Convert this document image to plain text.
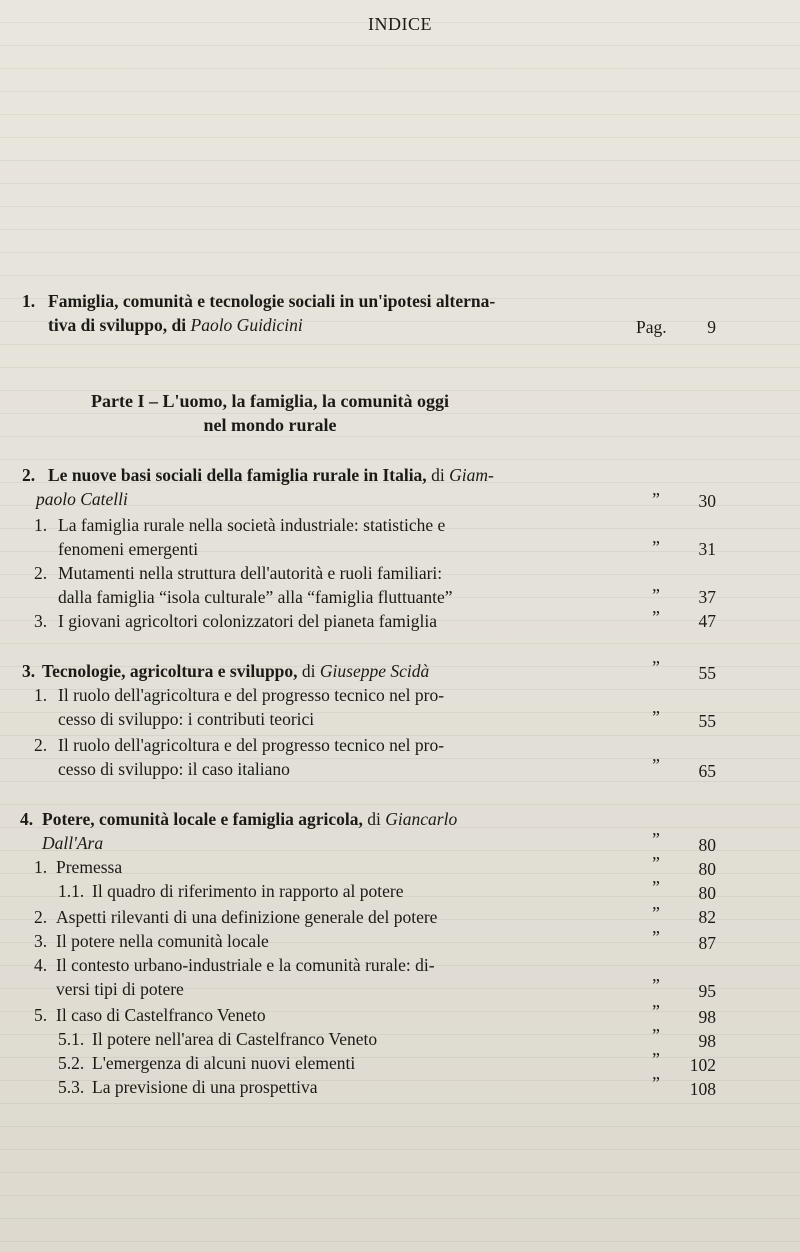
INDICE
1. Famiglia, comunità e tecnologie sociali in un'ipotesi alterna-
tiva di sviluppo, di Paolo Guidicini	Pag.	9
Parte I – L'uomo, la famiglia, la comunità oggi
nel mondo rurale
2. Le nuove basi sociali della famiglia rurale in Italia, di Giam-
paolo Catelli	”	30
1. La famiglia rurale nella società industriale: statistiche e
fenomeni emergenti	”	31
2. Mutamenti nella struttura dell'autorità e ruoli familiari:
dalla famiglia “isola culturale” alla “famiglia fluttuante”	”	37
3. I giovani agricoltori colonizzatori del pianeta famiglia	”	47
3. Tecnologie, agricoltura e sviluppo, di Giuseppe Scidà	”	55
1. Il ruolo dell'agricoltura e del progresso tecnico nel pro-
cesso di sviluppo: i contributi teorici	”	55
2. Il ruolo dell'agricoltura e del progresso tecnico nel pro-
cesso di sviluppo: il caso italiano	”	65
4. Potere, comunità locale e famiglia agricola, di Giancarlo
Dall'Ara	”	80
1. Premessa	”	80
1.1. Il quadro di riferimento in rapporto al potere	”	80
2. Aspetti rilevanti di una definizione generale del potere	”	82
3. Il potere nella comunità locale	”	87
4. Il contesto urbano-industriale e la comunità rurale: di-
versi tipi di potere	”	95
5. Il caso di Castelfranco Veneto	”	98
5.1. Il potere nell'area di Castelfranco Veneto	”	98
5.2. L'emergenza di alcuni nuovi elementi	”	102
5.3. La previsione di una prospettiva	”	108
